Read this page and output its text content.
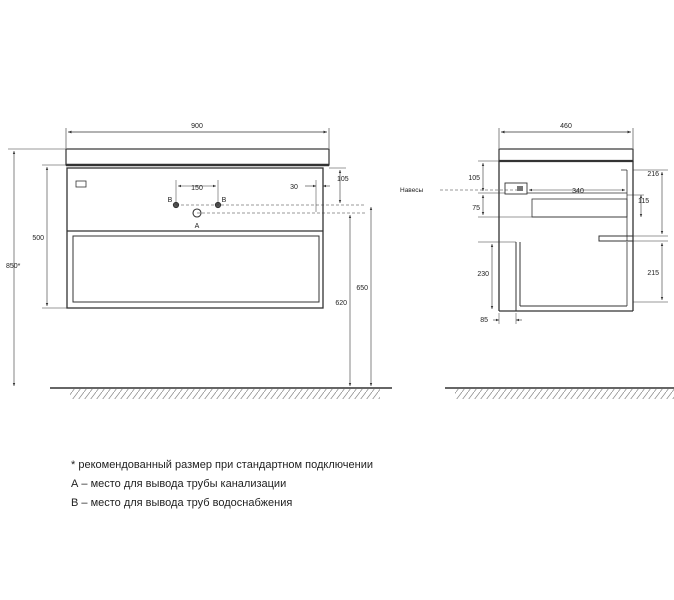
900
150	30
105
500
850*
620
650
B	B
A
460
Навесы	340
105
75
115
216
215
230
85
* рекомендованный размер при стандартном подключении
А – место для вывода трубы канализации
В – место для вывода труб водоснабжения
